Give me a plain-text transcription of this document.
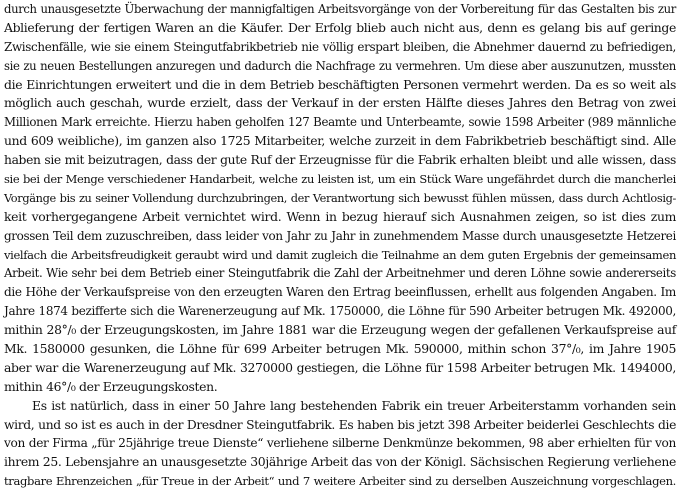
durch unausgesetzte Überwachung der mannigfaltigen Arbeitsvorgänge von der Vorbereitung für das Gestalten bis zur
Ablieferung der fertigen Waren an die Käufer. Der Erfolg blieb auch nicht aus, denn es gelang bis auf geringe
Zwischenfälle, wie sie einem Steingutfabrikbetrieb nie völlig erspart bleiben, die Abnehmer dauernd zu befriedigen,
sie zu neuen Bestellungen anzuregen und dadurch die Nachfrage zu vermehren. Um diese aber auszunutzen, mussten
die Einrichtungen erweitert und die in dem Betrieb beschäftigten Personen vermehrt werden. Da es so weit als
möglich auch geschah, wurde erzielt, dass der Verkauf in der ersten Hälfte dieses Jahres den Betrag von zwei
Millionen Mark erreichte. Hierzu haben geholfen 127 Beamte und Unterbeamte, sowie 1598 Arbeiter (989 männliche
und 609 weibliche), im ganzen also 1725 Mitarbeiter, welche zurzeit in dem Fabrikbetrieb beschäftigt sind. Alle
haben sie mit beizutragen, dass der gute Ruf der Erzeugnisse für die Fabrik erhalten bleibt und alle wissen, dass
sie bei der Menge verschiedener Handarbeit, welche zu leisten ist, um ein Stück Ware ungefährdet durch die mancherlei
Vorgänge bis zu seiner Vollendung durchzubringen, der Verantwortung sich bewusst fühlen müssen, dass durch Achtlosig-
keit vorhergegangene Arbeit vernichtet wird. Wenn in bezug hierauf sich Ausnahmen zeigen, so ist dies zum
grossen Teil dem zuzuschreiben, dass leider von Jahr zu Jahr in zunehmendem Masse durch unausgesetzte Hetzerei
vielfach die Arbeitsfreudigkeit geraubt wird und damit zugleich die Teilnahme an dem guten Ergebnis der gemeinsamen
Arbeit. Wie sehr bei dem Betrieb einer Steingutfabrik die Zahl der Arbeitnehmer und deren Löhne sowie andererseits
die Höhe der Verkaufspreise von den erzeugten Waren den Ertrag beeinflussen, erhellt aus folgenden Angaben. Im
Jahre 1874 bezifferte sich die Warenerzeugung auf Mk. 1750000, die Löhne für 590 Arbeiter betrugen Mk. 492000,
mithin 28°/₀ der Erzeugungskosten, im Jahre 1881 war die Erzeugung wegen der gefallenen Verkaufspreise auf
Mk. 1580000 gesunken, die Löhne für 699 Arbeiter betrugen Mk. 590000, mithin schon 37°/₀, im Jahre 1905
aber war die Warenerzeugung auf Mk. 3270000 gestiegen, die Löhne für 1598 Arbeiter betrugen Mk. 1494000,
mithin 46°/₀ der Erzeugungskosten.
Es ist natürlich, dass in einer 50 Jahre lang bestehenden Fabrik ein treuer Arbeiterstamm vorhanden sein
wird, und so ist es auch in der Dresdner Steingutfabrik. Es haben bis jetzt 398 Arbeiter beiderlei Geschlechts die
von der Firma „für 25jährige treue Dienste“ verliehene silberne Denkmünze bekommen, 98 aber erhielten für von
ihrem 25. Lebensjahre an unausgesetzte 30jährige Arbeit das von der Königl. Sächsischen Regierung verliehene
tragbare Ehrenzeichen „für Treue in der Arbeit“ und 7 weitere Arbeiter sind zu derselben Auszeichnung vorgeschlagen.
